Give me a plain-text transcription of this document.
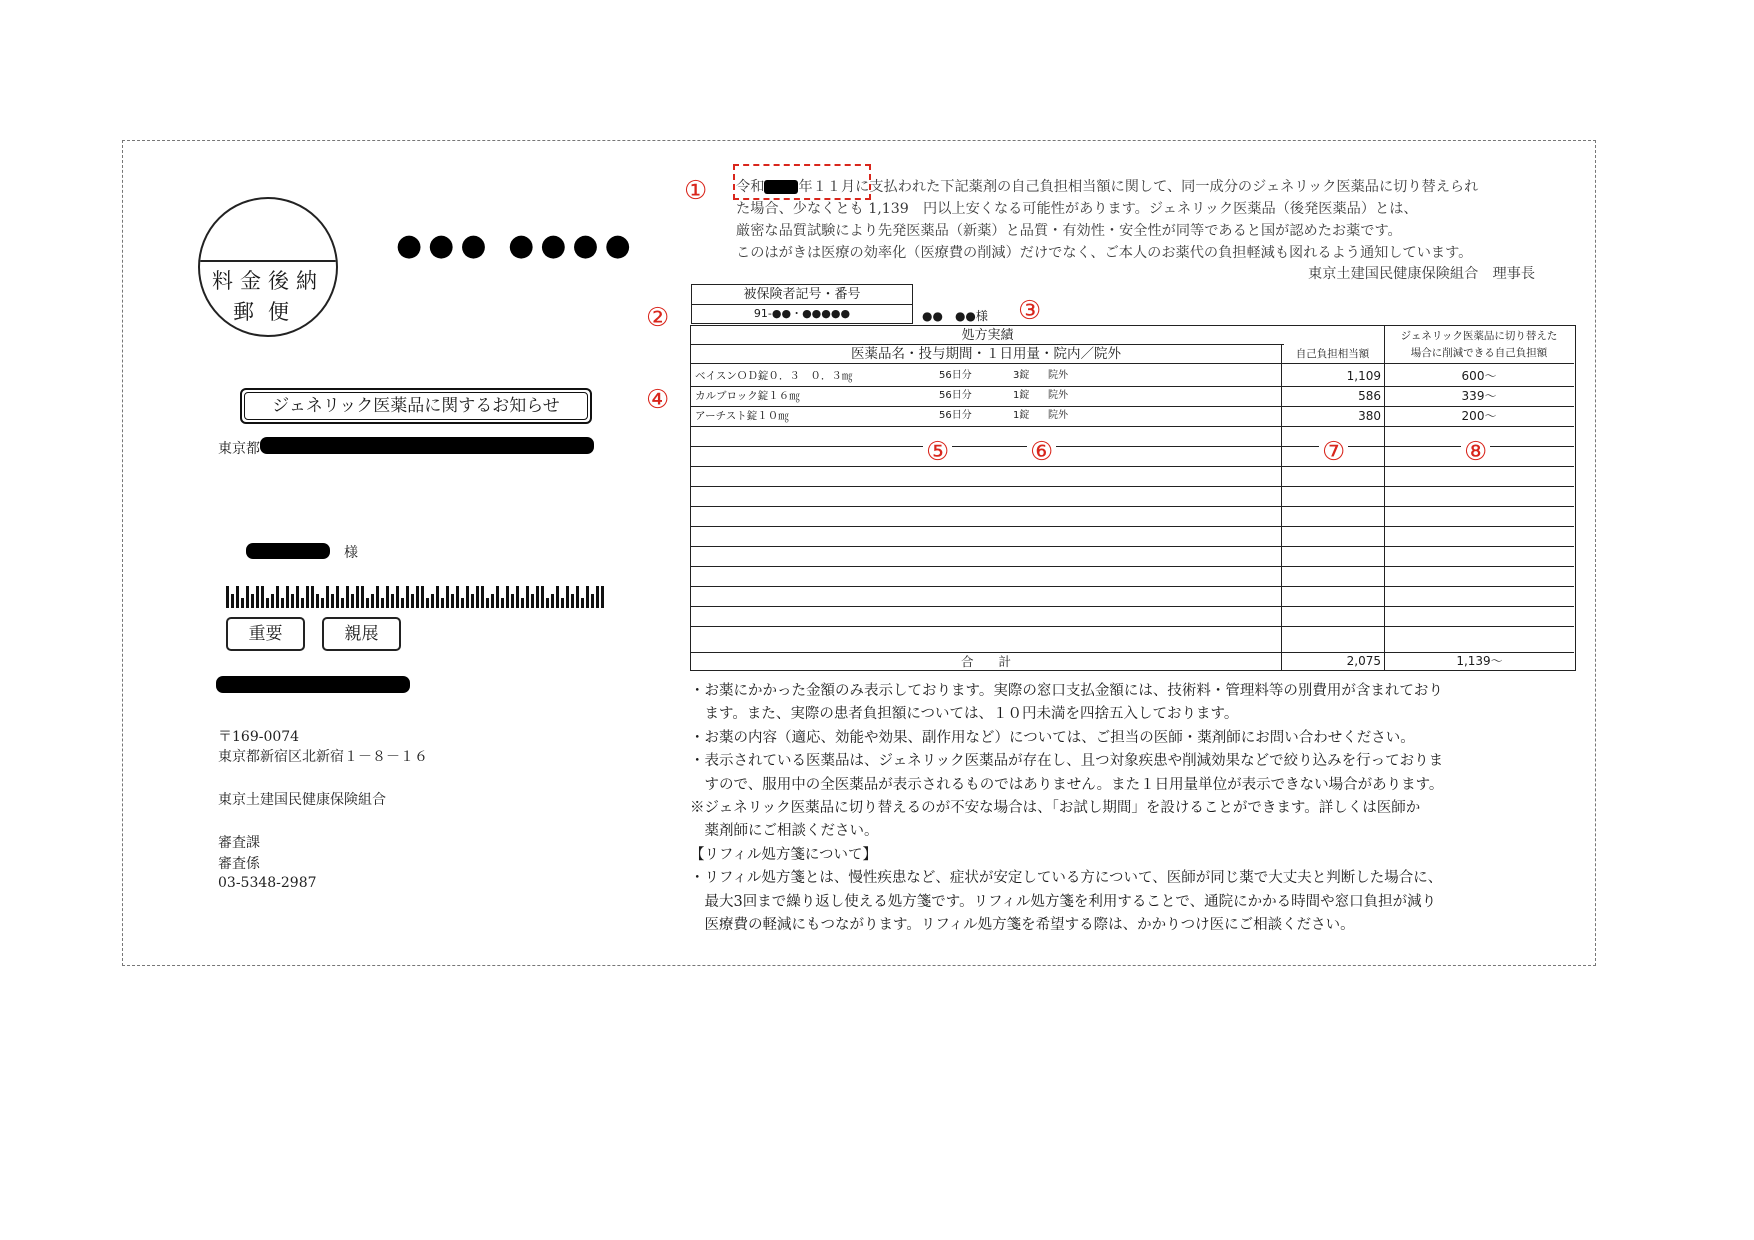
料金後納
郵便
●●● ●●●●
ジェネリック医薬品に関するお知らせ
東京都
様
重要	親展
〒169-0074
東京都新宿区北新宿１－８－１６
東京土建国民健康保険組合
審査課
審査係
03-5348-2987
令和 年１１月に支払われた下記薬剤の自己負担相当額に関して、同一成分のジェネリック医薬品に切り替えられ
た場合、少なくとも 1,139　円以上安くなる可能性があります。ジェネリック医薬品（後発医薬品）とは、
厳密な品質試験により先発医薬品（新薬）と品質・有効性・安全性が同等であると国が認めたお薬です。
このはがきは医療の効率化（医療費の削減）だけでなく、ご本人のお薬代の負担軽減も図れるよう通知しています。
東京土建国民健康保険組合　理事長
①
②	③
④
被保険者記号・番号
91-●●・●●●●●	●●　●●様
処方実績
医薬品名・投与期間・１日用量・院内／院外	自己負担相当額
ジェネリック医薬品に切り替えた場合に削減できる自己負担額
ベイスンＯＤ錠０．３　０．３㎎	56日分	3錠 院外	1,109	600～
カルブロック錠１６㎎	56日分	1錠 院外	586	339～
アーチスト錠１０㎎	56日分	1錠 院外	380	200～
⑤	⑥	⑦	⑧
合　　計	2,075	1,139～
・お薬にかかった金額のみ表示しております。実際の窓口支払金額には、技術料・管理料等の別費用が含まれており
　ます。また、実際の患者負担額については、１０円未満を四捨五入しております。
・お薬の内容（適応、効能や効果、副作用など）については、ご担当の医師・薬剤師にお問い合わせください。
・表示されている医薬品は、ジェネリック医薬品が存在し、且つ対象疾患や削減効果などで絞り込みを行っておりま
　すので、服用中の全医薬品が表示されるものではありません。また１日用量単位が表示できない場合があります。
※ジェネリック医薬品に切り替えるのが不安な場合は、「お試し期間」を設けることができます。詳しくは医師か
　薬剤師にご相談ください。
【リフィル処方箋について】
・リフィル処方箋とは、慢性疾患など、症状が安定している方について、医師が同じ薬で大丈夫と判断した場合に、
　最大3回まで繰り返し使える処方箋です。リフィル処方箋を利用することで、通院にかかる時間や窓口負担が減り
　医療費の軽減にもつながります。リフィル処方箋を希望する際は、かかりつけ医にご相談ください。
